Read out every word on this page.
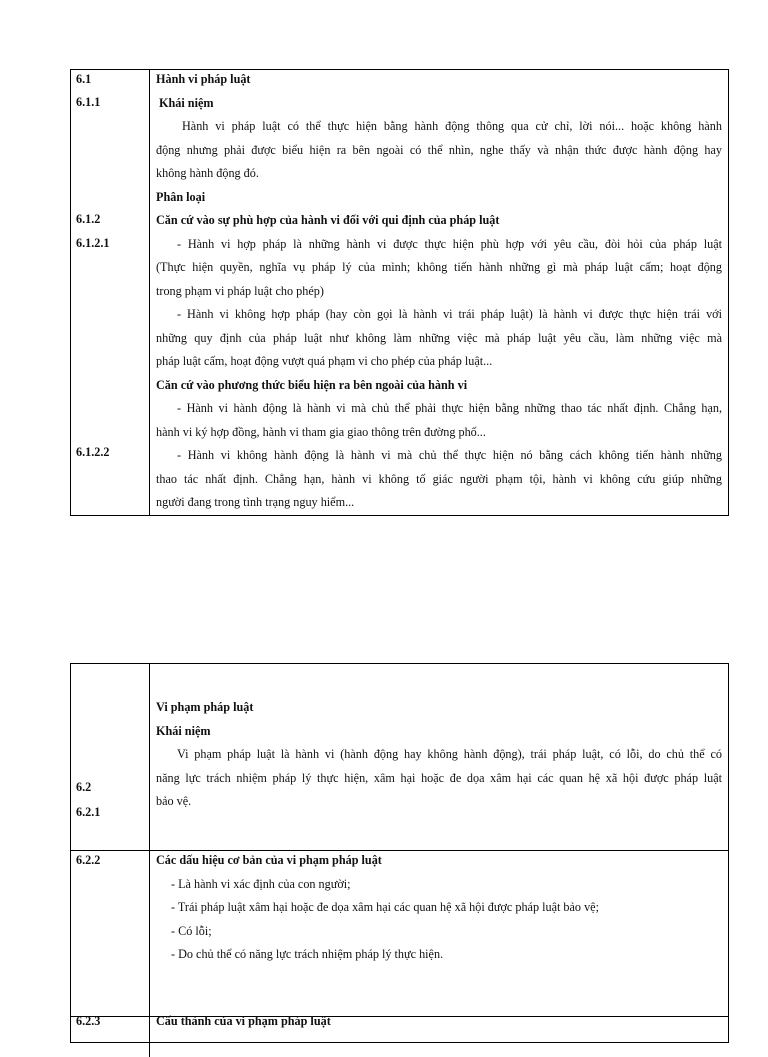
6.1
6.1.1
6.1.2
6.1.2.1
6.1.2.2
Hành vi pháp luật
Khái niệm
Hành vi pháp luật có thể thực hiện bằng hành động thông qua cử chỉ, lời nói... hoặc không hành
động nhưng phải được biểu hiện ra bên ngoài có thể nhìn, nghe thấy và nhận thức được hành động hay
không hành động đó.
Phân loại
Căn cứ vào sự phù hợp của hành vi đối với qui định của pháp luật
- Hành vi hợp pháp là những hành vi được thực hiện phù hợp với yêu cầu, đòi hỏi của pháp luật
(Thực hiện quyền, nghĩa vụ pháp lý của mình; không tiến hành những gì mà pháp luật cấm; hoạt động
trong phạm vi pháp luật cho phép)
- Hành vi không hợp pháp (hay còn gọi là hành vi trái pháp luật) là hành vi được thực hiện trái với
những quy định của pháp luật như không làm những việc mà pháp luật yêu cầu, làm những việc mà
pháp luật cấm, hoạt động vượt quá phạm vi cho phép của pháp luật...
Căn cứ vào phương thức biểu hiện ra bên ngoài của hành vi
- Hành vi hành động là hành vi mà chủ thể phải thực hiện bằng những thao tác nhất định. Chẳng hạn,
hành vi ký hợp đồng, hành vi tham gia giao thông trên đường phố...
- Hành vi không hành động là hành vi mà chủ thể thực hiện nó bằng cách không tiến hành những
thao tác nhất định. Chẳng hạn, hành vi không tố giác người phạm tội, hành vi không cứu giúp những
người đang trong tình trạng nguy hiểm...
6.2
6.2.1
Vi phạm pháp luật
Khái niệm
Vi phạm pháp luật là hành vi (hành động hay không hành động), trái pháp luật, có lỗi, do chủ thể có
năng lực trách nhiệm pháp lý thực hiện, xâm hại hoặc đe dọa xâm hại các quan hệ xã hội được pháp luật
bảo vệ.
6.2.2	Các dấu hiệu cơ bản của vi phạm pháp luật
- Là hành vi xác định của con người;
- Trái pháp luật xâm hại hoặc đe dọa xâm hại các quan hệ xã hội được pháp luật bảo vệ;
- Có lỗi;
- Do chủ thể có năng lực trách nhiệm pháp lý thực hiện.
6.2.3	Cấu thành của vi phạm pháp luật
